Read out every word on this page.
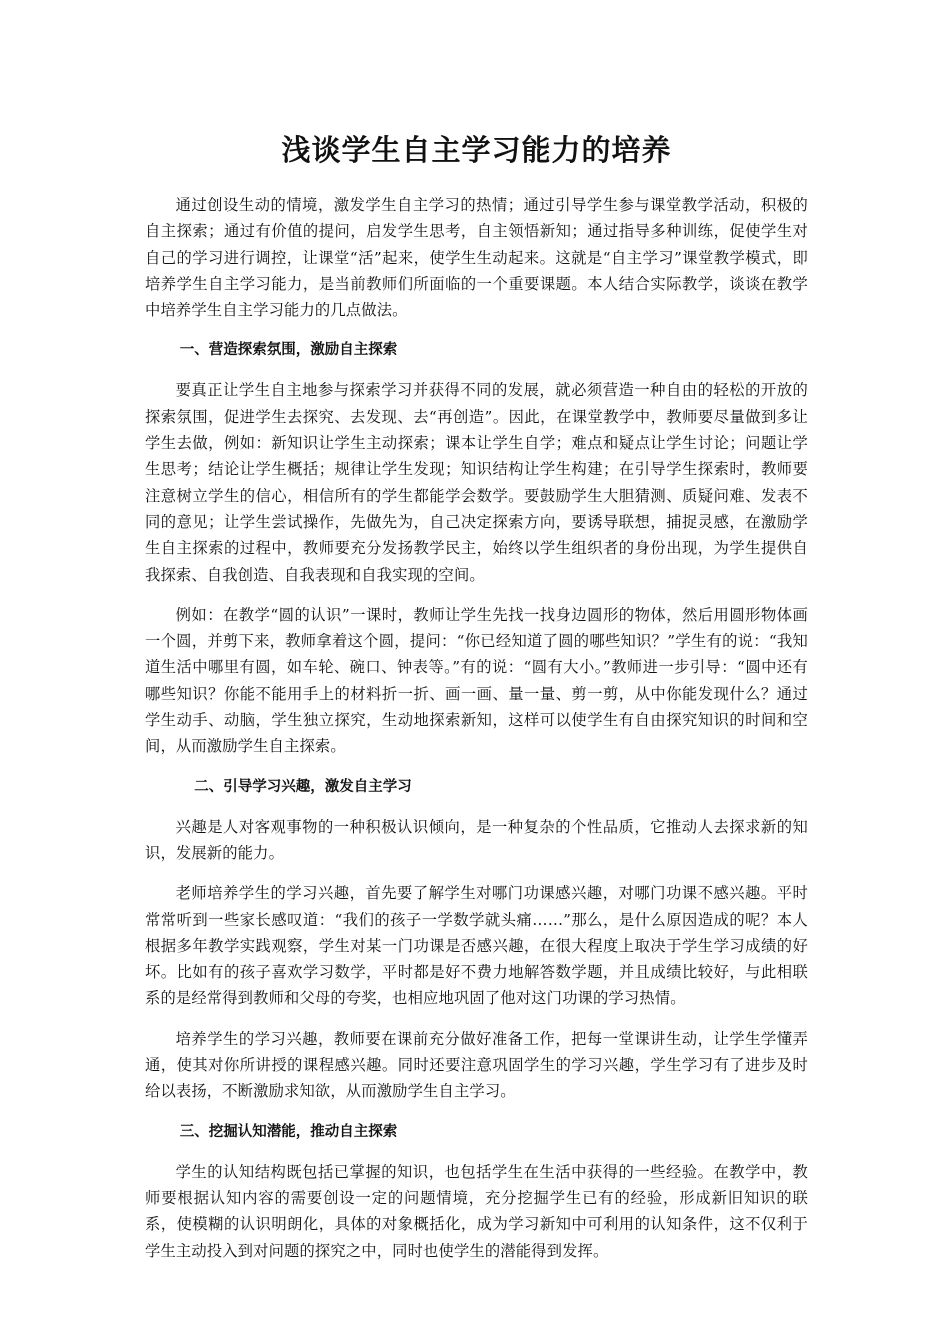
浅谈学生自主学习能力的培养

通过创设生动的情境，激发学生自主学习的热情；通过引导学生参与课堂教学活动，积极的自主探索；通过有价值的提问，启发学生思考，自主领悟新知；通过指导多种训练，促使学生对自己的学习进行调控，让课堂“活”起来，使学生生动起来。这就是“自主学习”课堂教学模式，即培养学生自主学习能力，是当前教师们所面临的一个重要课题。本人结合实际教学，谈谈在教学中培养学生自主学习能力的几点做法。

一、营造探索氛围，激励自主探索

要真正让学生自主地参与探索学习并获得不同的发展，就必须营造一种自由的轻松的开放的探索氛围，促进学生去探究、去发现、去“再创造”。因此，在课堂教学中，教师要尽量做到多让学生去做，例如：新知识让学生主动探索；课本让学生自学；难点和疑点让学生讨论；问题让学生思考；结论让学生概括；规律让学生发现；知识结构让学生构建；在引导学生探索时，教师要注意树立学生的信心，相信所有的学生都能学会数学。要鼓励学生大胆猜测、质疑问难、发表不同的意见；让学生尝试操作，先做先为，自己决定探索方向，要诱导联想，捕捉灵感，在激励学生自主探索的过程中，教师要充分发扬教学民主，始终以学生组织者的身份出现，为学生提供自我探索、自我创造、自我表现和自我实现的空间。

例如：在教学“圆的认识”一课时，教师让学生先找一找身边圆形的物体，然后用圆形物体画一个圆，并剪下来，教师拿着这个圆，提问：“你已经知道了圆的哪些知识？”学生有的说：“我知道生活中哪里有圆，如车轮、碗口、钟表等。”有的说：“圆有大小。”教师进一步引导：“圆中还有哪些知识？你能不能用手上的材料折一折、画一画、量一量、剪一剪，从中你能发现什么？通过学生动手、动脑，学生独立探究，生动地探索新知，这样可以使学生有自由探究知识的时间和空间，从而激励学生自主探索。

二、引导学习兴趣，激发自主学习

兴趣是人对客观事物的一种积极认识倾向，是一种复杂的个性品质，它推动人去探求新的知识，发展新的能力。

老师培养学生的学习兴趣，首先要了解学生对哪门功课感兴趣，对哪门功课不感兴趣。平时常常听到一些家长感叹道：“我们的孩子一学数学就头痛……”那么，是什么原因造成的呢？本人根据多年教学实践观察，学生对某一门功课是否感兴趣，在很大程度上取决于学生学习成绩的好坏。比如有的孩子喜欢学习数学，平时都是好不费力地解答数学题，并且成绩比较好，与此相联系的是经常得到教师和父母的夸奖，也相应地巩固了他对这门功课的学习热情。

培养学生的学习兴趣，教师要在课前充分做好准备工作，把每一堂课讲生动，让学生学懂弄通，使其对你所讲授的课程感兴趣。同时还要注意巩固学生的学习兴趣，学生学习有了进步及时给以表扬，不断激励求知欲，从而激励学生自主学习。

三、挖掘认知潜能，推动自主探索

学生的认知结构既包括已掌握的知识，也包括学生在生活中获得的一些经验。在教学中，教师要根据认知内容的需要创设一定的问题情境，充分挖掘学生已有的经验，形成新旧知识的联系，使模糊的认识明朗化，具体的对象概括化，成为学习新知中可利用的认知条件，这不仅利于学生主动投入到对问题的探究之中，同时也使学生的潜能得到发挥。
